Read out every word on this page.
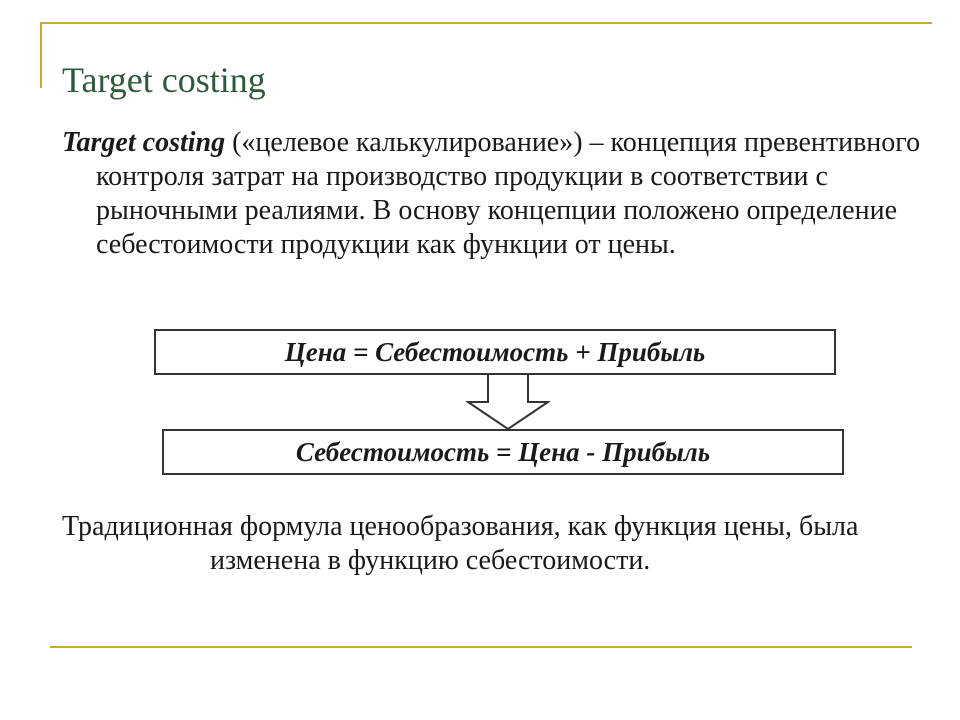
Target costing

Target costing («целевое калькулирование») – концепция превентивного контроля затрат на производство продукции в соответствии с рыночными реалиями. В основу концепции положено определение себестоимости продукции как функции от цены.

Цена = Себестоимость + Прибыль
Себестоимость = Цена - Прибыль

Традиционная формула ценообразования, как функция цены, была изменена в функцию себестоимости.
